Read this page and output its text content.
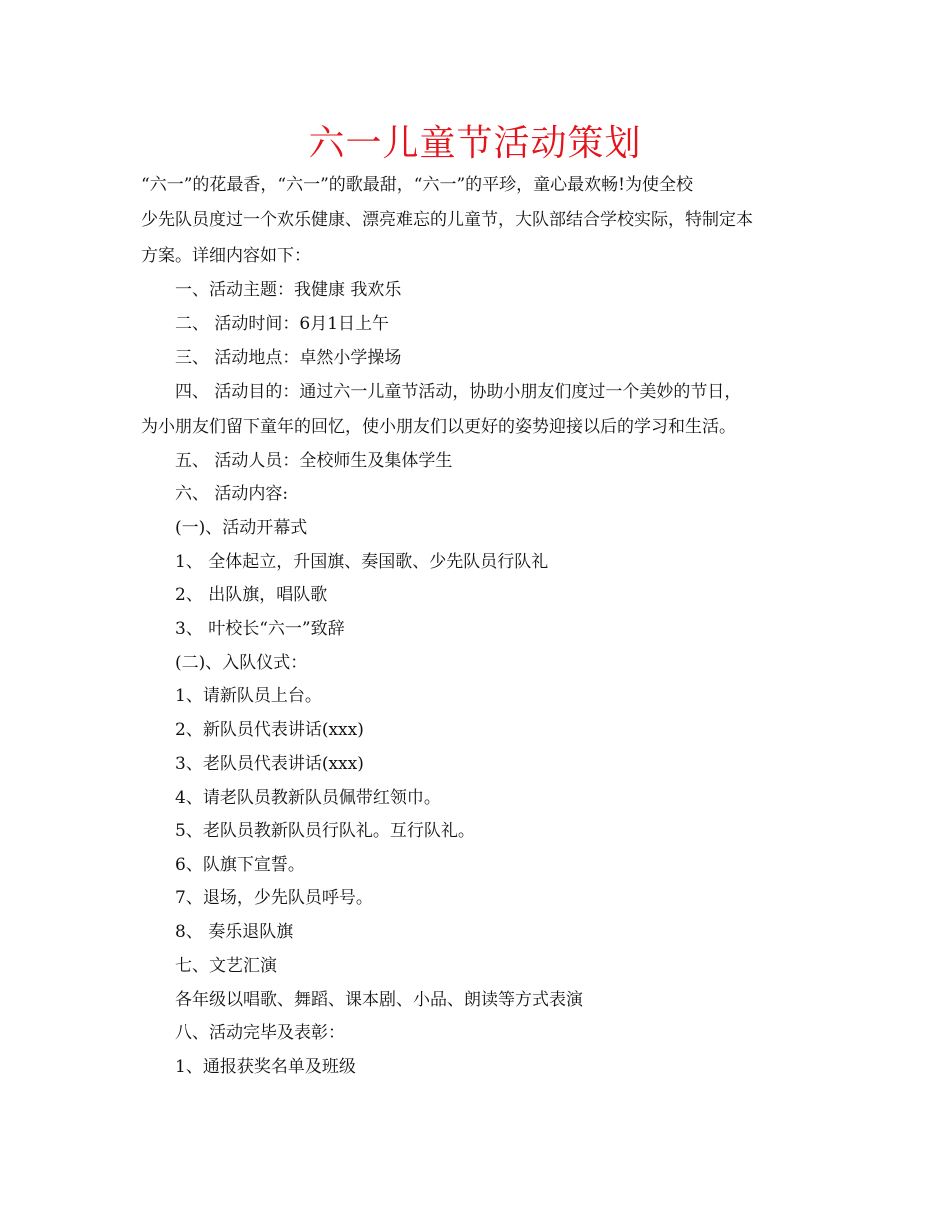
六一儿童节活动策划

“六一”的花最香，“六一”的歌最甜，“六一”的平珍，童心最欢畅!为使全校

少先队员度过一个欢乐健康、漂亮难忘的儿童节，大队部结合学校实际，特制定本

方案。详细内容如下：

一、活动主题：我健康 我欢乐

二、 活动时间：6月1日上午

三、 活动地点：卓然小学操场

四、 活动目的：通过六一儿童节活动，协助小朋友们度过一个美妙的节日，

为小朋友们留下童年的回忆，使小朋友们以更好的姿势迎接以后的学习和生活。

五、 活动人员：全校师生及集体学生

六、 活动内容:

(一)、活动开幕式

1、 全体起立，升国旗、奏国歌、少先队员行队礼

2、 出队旗，唱队歌

3、 叶校长“六一”致辞

(二)、入队仪式：

1、请新队员上台。

2、新队员代表讲话(xxx)

3、老队员代表讲话(xxx)

4、请老队员教新队员佩带红领巾。

5、老队员教新队员行队礼。互行队礼。

6、队旗下宣誓。

7、退场，少先队员呼号。

8、 奏乐退队旗

七、文艺汇演

各年级以唱歌、舞蹈、课本剧、小品、朗读等方式表演

八、活动完毕及表彰：

1、通报获奖名单及班级
